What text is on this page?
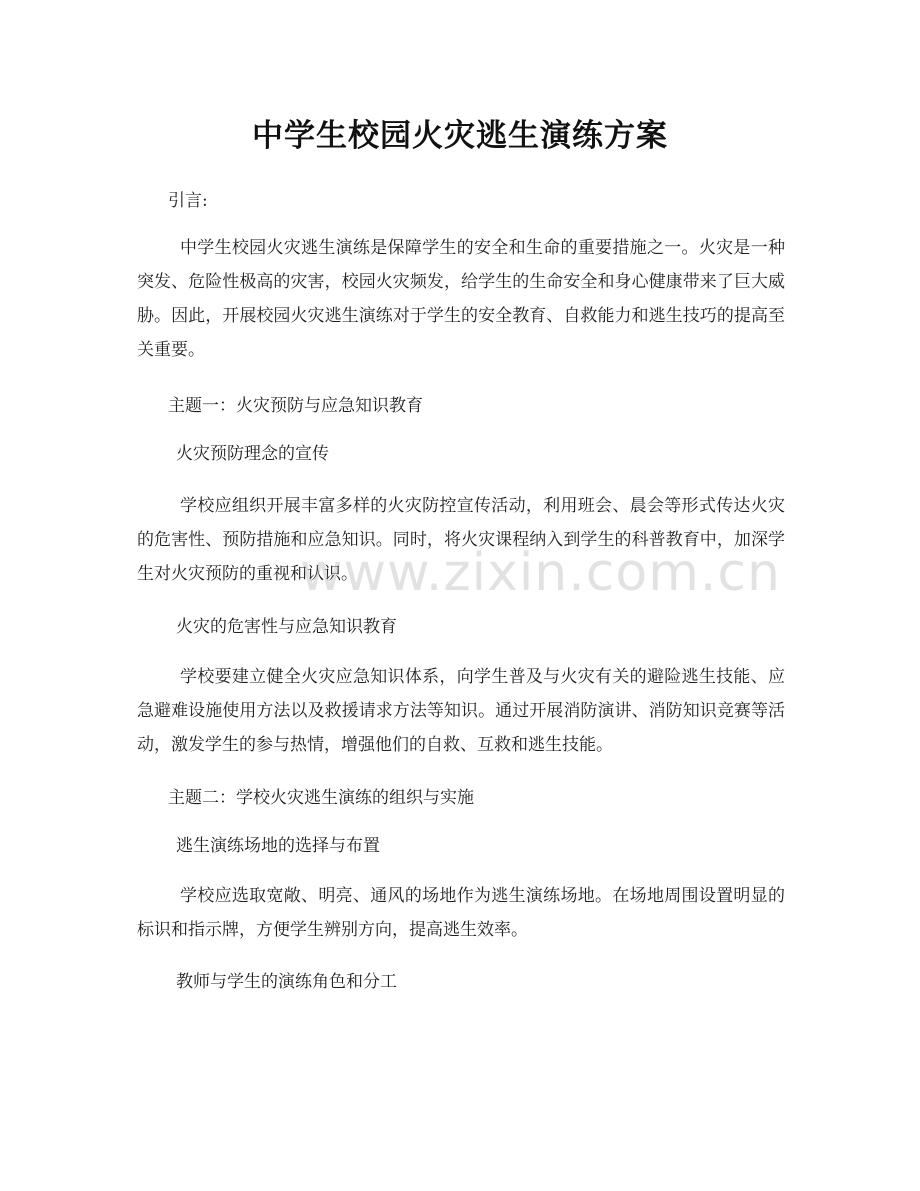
中学生校园火灾逃生演练方案

引言:

中学生校园火灾逃生演练是保障学生的安全和生命的重要措施之一。火灾是一种突发、危险性极高的灾害，校园火灾频发，给学生的生命安全和身心健康带来了巨大威胁。因此，开展校园火灾逃生演练对于学生的安全教育、自救能力和逃生技巧的提高至关重要。

主题一：火灾预防与应急知识教育

火灾预防理念的宣传

学校应组织开展丰富多样的火灾防控宣传活动，利用班会、晨会等形式传达火灾的危害性、预防措施和应急知识。同时，将火灾课程纳入到学生的科普教育中，加深学生对火灾预防的重视和认识。

火灾的危害性与应急知识教育

学校要建立健全火灾应急知识体系，向学生普及与火灾有关的避险逃生技能、应急避难设施使用方法以及救援请求方法等知识。通过开展消防演讲、消防知识竞赛等活动，激发学生的参与热情，增强他们的自救、互救和逃生技能。

主题二：学校火灾逃生演练的组织与实施

逃生演练场地的选择与布置

学校应选取宽敞、明亮、通风的场地作为逃生演练场地。在场地周围设置明显的标识和指示牌，方便学生辨别方向，提高逃生效率。

教师与学生的演练角色和分工

www.zixin.com.cn
